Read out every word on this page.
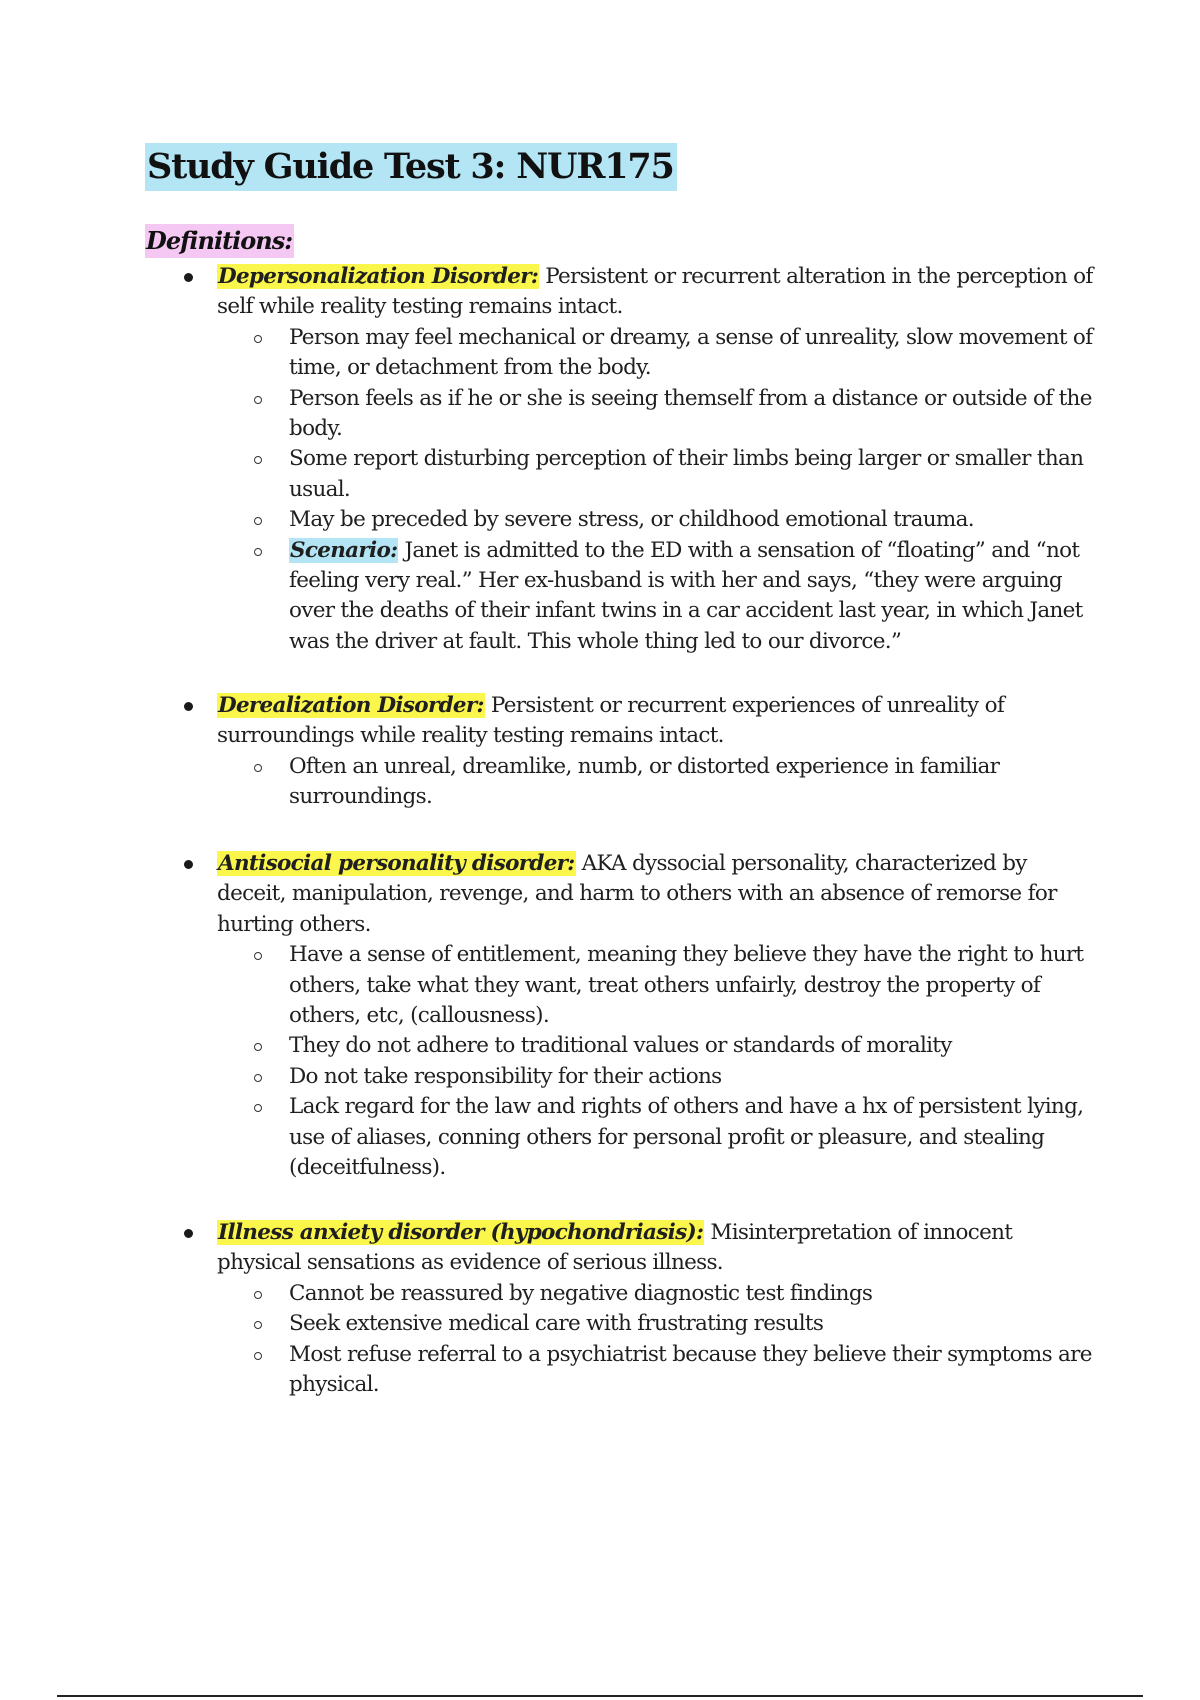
Study Guide Test 3: NUR175
Definitions:
Depersonalization Disorder: Persistent or recurrent alteration in the perception of self while reality testing remains intact.
Person may feel mechanical or dreamy, a sense of unreality, slow movement of time, or detachment from the body.
Person feels as if he or she is seeing themself from a distance or outside of the body.
Some report disturbing perception of their limbs being larger or smaller than usual.
May be preceded by severe stress, or childhood emotional trauma.
Scenario: Janet is admitted to the ED with a sensation of “floating” and “not feeling very real.” Her ex-husband is with her and says, “they were arguing over the deaths of their infant twins in a car accident last year, in which Janet was the driver at fault. This whole thing led to our divorce.”
Derealization Disorder: Persistent or recurrent experiences of unreality of surroundings while reality testing remains intact.
Often an unreal, dreamlike, numb, or distorted experience in familiar surroundings.
Antisocial personality disorder: AKA dyssocial personality, characterized by deceit, manipulation, revenge, and harm to others with an absence of remorse for hurting others.
Have a sense of entitlement, meaning they believe they have the right to hurt others, take what they want, treat others unfairly, destroy the property of others, etc, (callousness).
They do not adhere to traditional values or standards of morality
Do not take responsibility for their actions
Lack regard for the law and rights of others and have a hx of persistent lying, use of aliases, conning others for personal profit or pleasure, and stealing (deceitfulness).
Illness anxiety disorder (hypochondriasis): Misinterpretation of innocent physical sensations as evidence of serious illness.
Cannot be reassured by negative diagnostic test findings
Seek extensive medical care with frustrating results
Most refuse referral to a psychiatrist because they believe their symptoms are physical.
